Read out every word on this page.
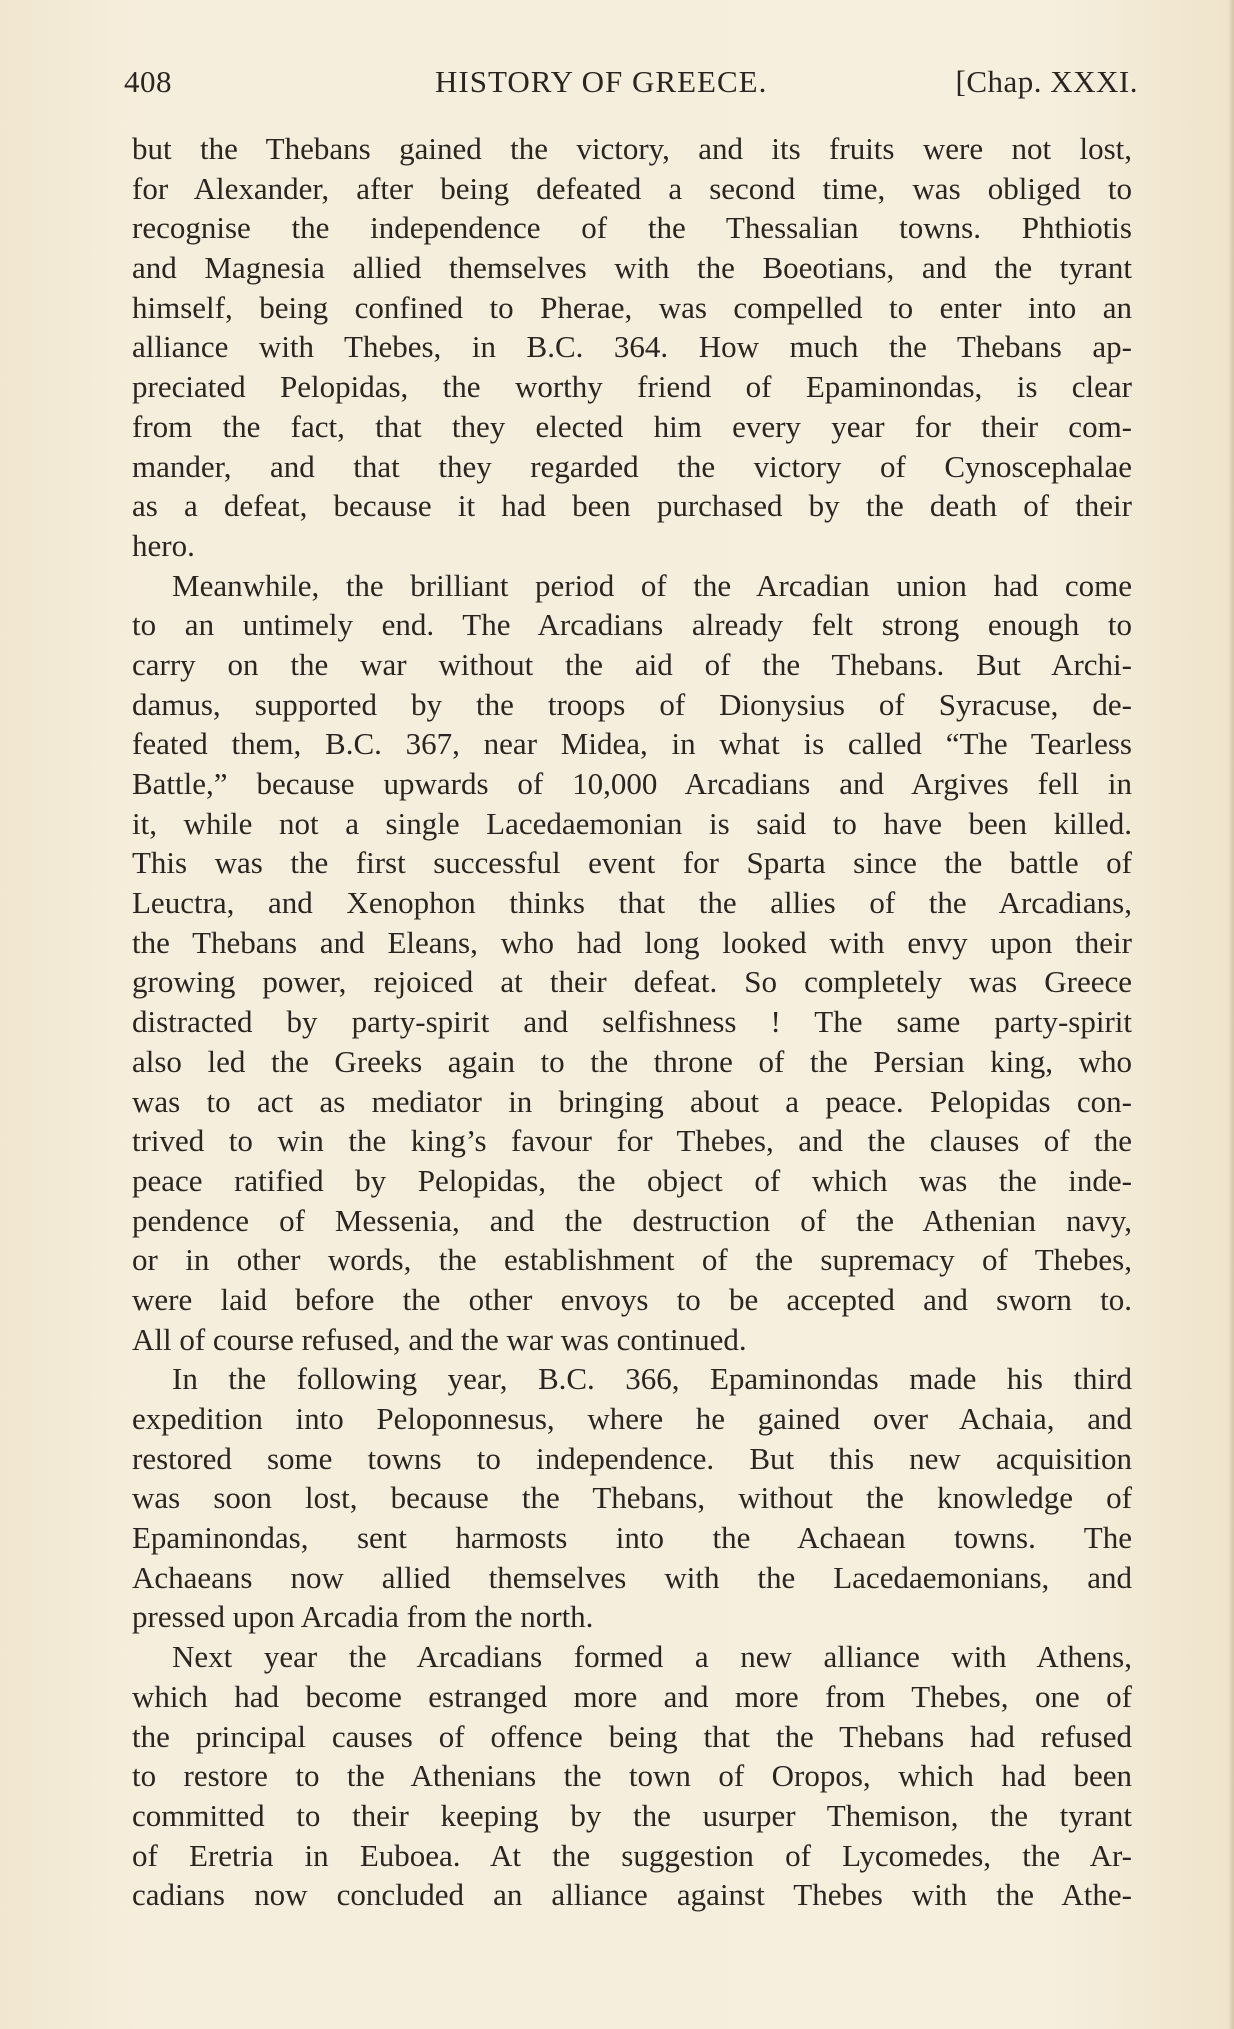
408	HISTORY OF GREECE.	[Chap. XXXI.
but the Thebans gained the victory, and its fruits were not lost,
for Alexander, after being defeated a second time, was obliged to
recognise the independence of the Thessalian towns. Phthiotis
and Magnesia allied themselves with the Boeotians, and the tyrant
himself, being confined to Pherae, was compelled to enter into an
alliance with Thebes, in B.C. 364. How much the Thebans ap-
preciated Pelopidas, the worthy friend of Epaminondas, is clear
from the fact, that they elected him every year for their com-
mander, and that they regarded the victory of Cynoscephalae
as a defeat, because it had been purchased by the death of their
hero.
Meanwhile, the brilliant period of the Arcadian union had come
to an untimely end. The Arcadians already felt strong enough to
carry on the war without the aid of the Thebans. But Archi-
damus, supported by the troops of Dionysius of Syracuse, de-
feated them, B.C. 367, near Midea, in what is called “The Tearless
Battle,” because upwards of 10,000 Arcadians and Argives fell in
it, while not a single Lacedaemonian is said to have been killed.
This was the first successful event for Sparta since the battle of
Leuctra, and Xenophon thinks that the allies of the Arcadians,
the Thebans and Eleans, who had long looked with envy upon their
growing power, rejoiced at their defeat. So completely was Greece
distracted by party-spirit and selfishness ! The same party-spirit
also led the Greeks again to the throne of the Persian king, who
was to act as mediator in bringing about a peace. Pelopidas con-
trived to win the king’s favour for Thebes, and the clauses of the
peace ratified by Pelopidas, the object of which was the inde-
pendence of Messenia, and the destruction of the Athenian navy,
or in other words, the establishment of the supremacy of Thebes,
were laid before the other envoys to be accepted and sworn to.
All of course refused, and the war was continued.
In the following year, B.C. 366, Epaminondas made his third
expedition into Peloponnesus, where he gained over Achaia, and
restored some towns to independence. But this new acquisition
was soon lost, because the Thebans, without the knowledge of
Epaminondas, sent harmosts into the Achaean towns. The
Achaeans now allied themselves with the Lacedaemonians, and
pressed upon Arcadia from the north.
Next year the Arcadians formed a new alliance with Athens,
which had become estranged more and more from Thebes, one of
the principal causes of offence being that the Thebans had refused
to restore to the Athenians the town of Oropos, which had been
committed to their keeping by the usurper Themison, the tyrant
of Eretria in Euboea. At the suggestion of Lycomedes, the Ar-
cadians now concluded an alliance against Thebes with the Athe-
